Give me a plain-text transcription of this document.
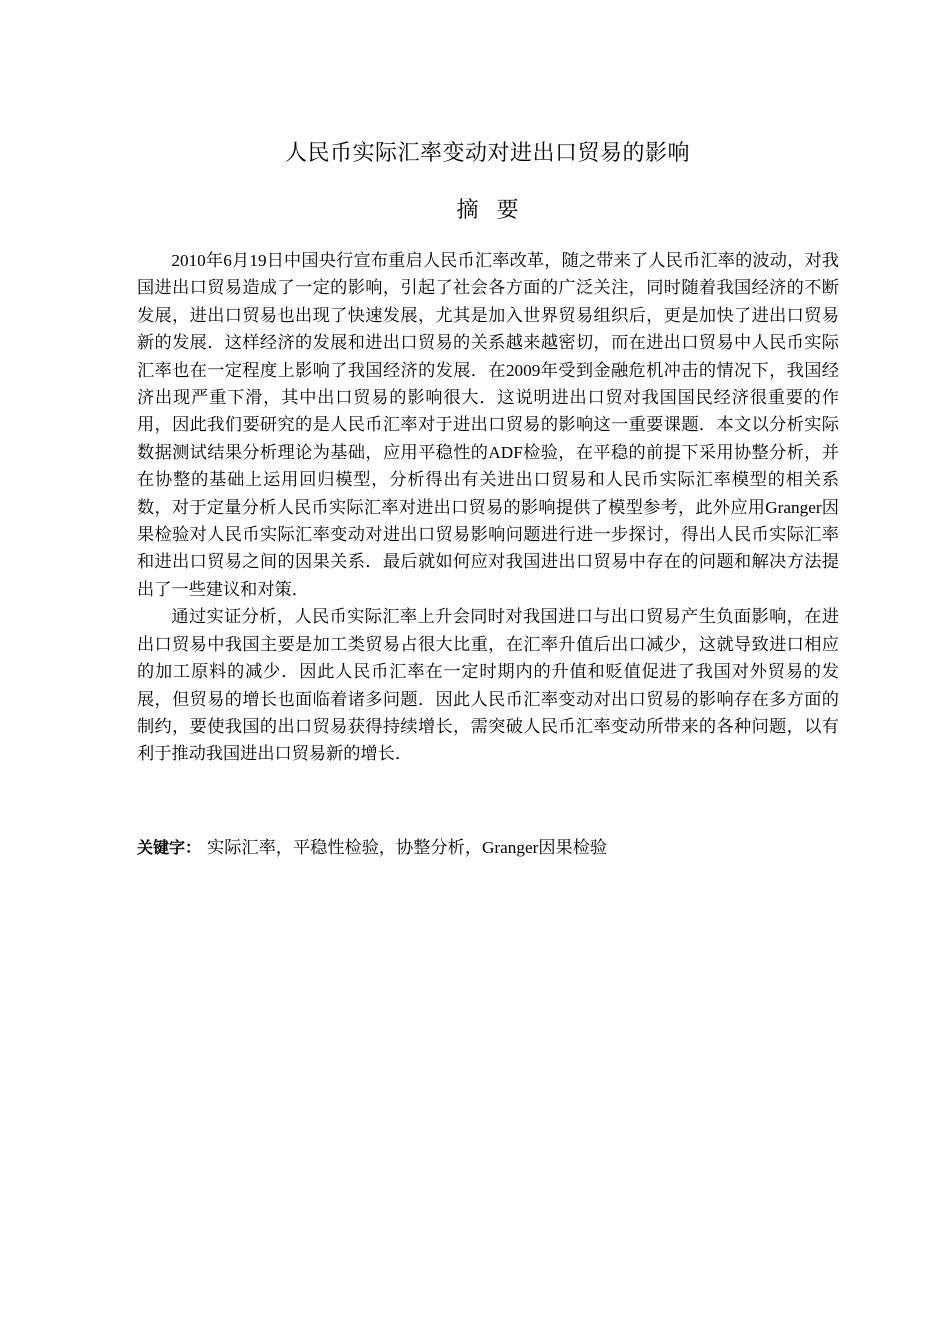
人民币实际汇率变动对进出口贸易的影响
摘要

2010年6月19日中国央行宣布重启人民币汇率改革，随之带来了人民币汇率的波动，对我国进出口贸易造成了一定的影响，引起了社会各方面的广泛关注，同时随着我国经济的不断发展，进出口贸易也出现了快速发展，尤其是加入世界贸易组织后，更是加快了进出口贸易新的发展．这样经济的发展和进出口贸易的关系越来越密切，而在进出口贸易中人民币实际汇率也在一定程度上影响了我国经济的发展．在2009年受到金融危机冲击的情况下，我国经济出现严重下滑，其中出口贸易的影响很大．这说明进出口贸对我国国民经济很重要的作用，因此我们要研究的是人民币汇率对于进出口贸易的影响这一重要课题．本文以分析实际数据测试结果分析理论为基础，应用平稳性的ADF检验，在平稳的前提下采用协整分析，并在协整的基础上运用回归模型，分析得出有关进出口贸易和人民币实际汇率模型的相关系数，对于定量分析人民币实际汇率对进出口贸易的影响提供了模型参考，此外应用Granger因果检验对人民币实际汇率变动对进出口贸易影响问题进行进一步探讨，得出人民币实际汇率和进出口贸易之间的因果关系．最后就如何应对我国进出口贸易中存在的问题和解决方法提出了一些建议和对策．

通过实证分析，人民币实际汇率上升会同时对我国进口与出口贸易产生负面影响，在进出口贸易中我国主要是加工类贸易占很大比重，在汇率升值后出口减少，这就导致进口相应的加工原料的减少．因此人民币汇率在一定时期内的升值和贬值促进了我国对外贸易的发展，但贸易的增长也面临着诸多问题．因此人民币汇率变动对出口贸易的影响存在多方面的制约，要使我国的出口贸易获得持续增长，需突破人民币汇率变动所带来的各种问题，以有利于推动我国进出口贸易新的增长．

关键字： 实际汇率，平稳性检验，协整分析，Granger因果检验
